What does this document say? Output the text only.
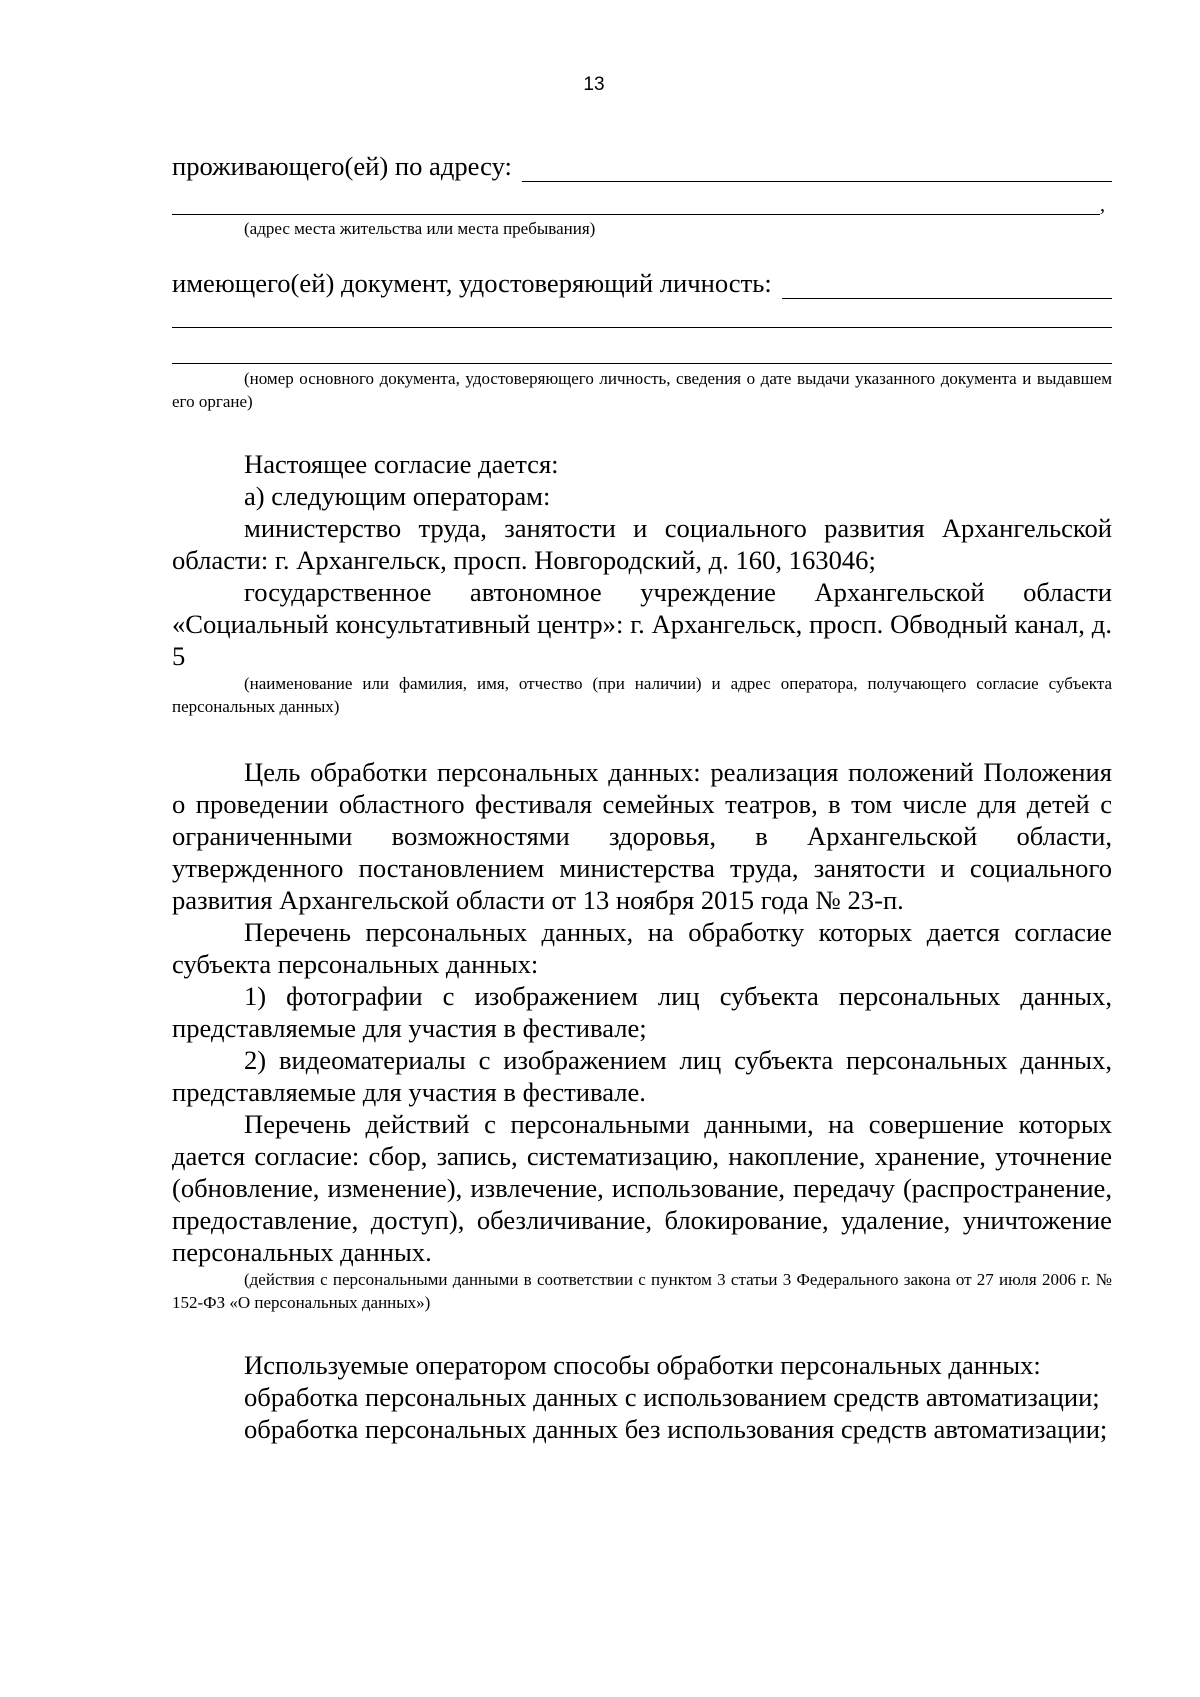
13
проживающего(ей) по адресу:
,
(адрес места жительства или места пребывания)
имеющего(ей) документ, удостоверяющий личность:

(номер основного документа, удостоверяющего личность, сведения о дате выдачи указанного документа и выдавшем его органе)

Настоящее согласие дается:

а) следующим операторам:

министерство труда, занятости и социального развития Архангельской области: г. Архангельск, просп. Новгородский, д. 160, 163046;

государственное автономное учреждение Архангельской области «Социальный консультативный центр»: г. Архангельск, просп. Обводный канал, д. 5

(наименование или фамилия, имя, отчество (при наличии) и адрес оператора, получающего согласие субъекта персональных данных)

Цель обработки персональных данных: реализация положений Положения о проведении областного фестиваля семейных театров, в том числе для детей с ограниченными возможностями здоровья, в Архангельской области, утвержденного постановлением министерства труда, занятости и социального развития Архангельской области от 13 ноября 2015 года № 23-п.

Перечень персональных данных, на обработку которых дается согласие субъекта персональных данных:

1) фотографии с изображением лиц субъекта персональных данных, представляемые для участия в фестивале;

2) видеоматериалы с изображением лиц субъекта персональных данных, представляемые для участия в фестивале.

Перечень действий с персональными данными, на совершение которых дается согласие: сбор, запись, систематизацию, накопление, хранение, уточнение (обновление, изменение), извлечение, использование, передачу (распространение, предоставление, доступ), обезличивание, блокирование, удаление, уничтожение персональных данных.

(действия с персональными данными в соответствии с пунктом 3 статьи 3 Федерального закона от 27 июля 2006 г. № 152-ФЗ «О персональных данных»)

Используемые оператором способы обработки персональных данных:

обработка персональных данных с использованием средств автоматизации;

обработка персональных данных без использования средств автоматизации;
